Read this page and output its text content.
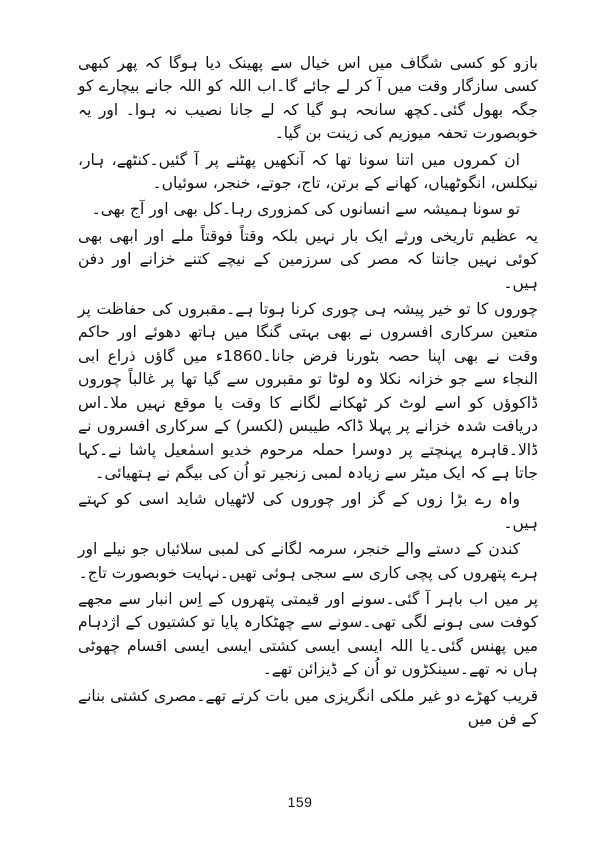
بازو کو کسی شگاف میں اس خیال سے پھینک دیا ہوگا کہ پھر کبھی کسی سازگار وقت میں آ کر لے جائے گا۔اب اللہ کو اللہ جانے بیچارے کو جگہ بھول گئی۔کچھ سانحہ ہو گیا کہ لے جانا نصیب نہ ہوا۔ اور یہ خوبصورت تحفہ میوزیم کی زینت بن گیا۔

ان کمروں میں اتنا سونا تھا کہ آنکھیں پھٹنے پر آ گئیں۔کنٹھے، ہار، نیکلس، انگوٹھیاں، کھانے کے برتن، تاج، جوتے، خنجر، سوئیاں۔

تو سونا ہمیشہ سے انسانوں کی کمزوری رہا۔کل بھی اور آج بھی۔

یہ عظیم تاریخی ورثے ایک بار نہیں بلکہ وقتاً فوقتاً ملے اور ابھی بھی کوئی نہیں جانتا کہ مصر کی سرزمین کے نیچے کتنے خزانے اور دفن ہیں۔

چوروں کا تو خیر پیشہ ہی چوری کرنا ہوتا ہے۔مقبروں کی حفاظت پر متعین سرکاری افسروں نے بھی بہتی گنگا میں ہاتھ دھوئے اور حاکم وقت نے بھی اپنا حصہ بٹورنا فرض جانا۔1860ء میں گاؤں ذراع ابی النجاء سے جو خزانہ نکلا وہ لوٹا تو مقبروں سے گیا تھا پر غالباً چوروں ڈاکوؤں کو اسے لوٹ کر ٹھکانے لگانے کا وقت یا موقع نہیں ملا۔اس دریافت شدہ خزانے پر پہلا ڈاکہ طیبس (لکسر) کے سرکاری افسروں نے ڈالا۔قاہرہ پہنچتے پر دوسرا حملہ مرحوم خدیو اسمٰعیل پاشا نے۔کہا جاتا ہے کہ ایک میٹر سے زیادہ لمبی زنجیر تو اُن کی بیگم نے ہتھیائی۔

واہ رے بڑا زوں کے گز اور چوروں کی لاٹھیاں شاید اسی کو کہتے ہیں۔

کندن کے دستے والے خنجر، سرمہ لگانے کی لمبی سلائیاں جو نیلے اور ہرے پتھروں کی پچی کاری سے سجی ہوئی تھیں۔نہایت خوبصورت تاج۔

پر میں اب باہر آ گئی۔سونے اور قیمتی پتھروں کے اِس انبار سے مجھے کوفت سی ہونے لگی تھی۔سونے سے چھٹکارہ پایا تو کشتیوں کے اژدہام میں پھنس گئی۔یا اللہ ایسی ایسی کشتی ایسی ایسی اقسام چھوٹی ہاں نہ تھے۔سینکڑوں تو اُن کے ڈیزائن تھے۔

قریب کھڑے دو غیر ملکی انگریزی میں بات کرتے تھے۔مصری کشتی بنانے کے فن میں

159
